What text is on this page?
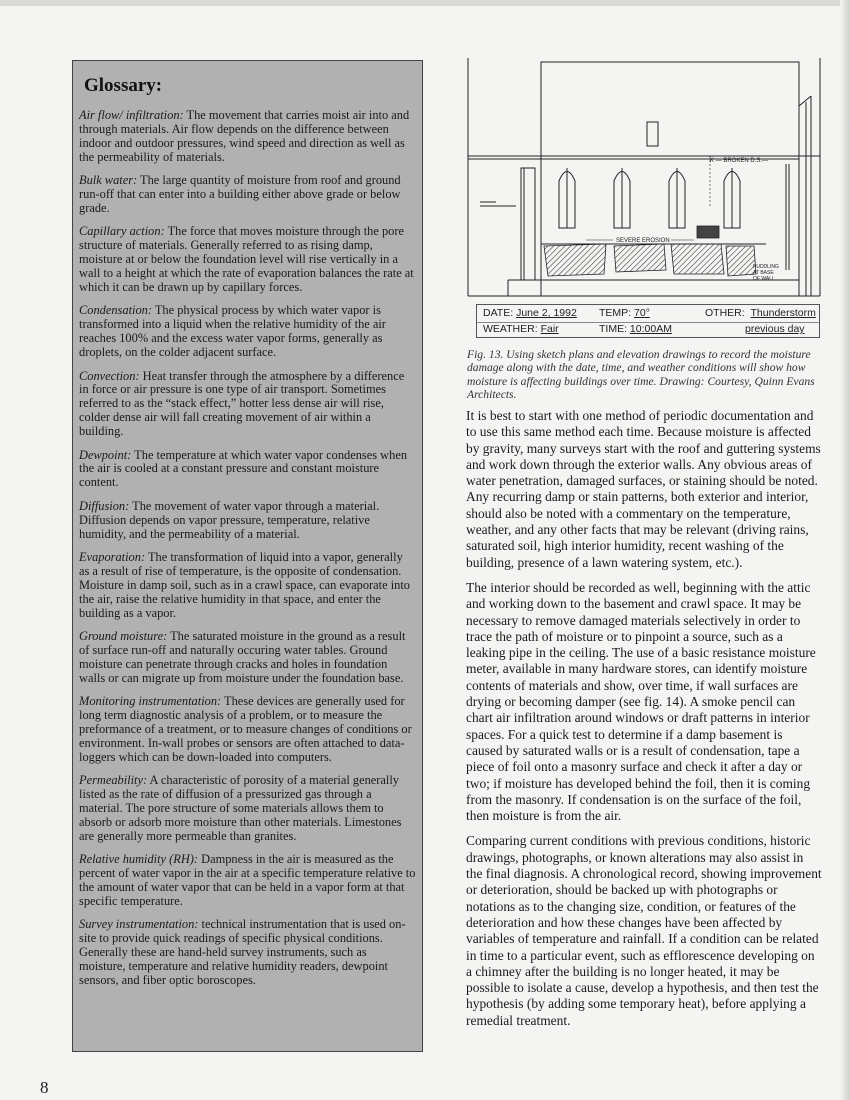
Glossary:

Air flow/ infiltration: The movement that carries moist air into and through materials. Air flow depends on the difference between indoor and outdoor pressures, wind speed and direction as well as the permeability of materials.

Bulk water: The large quantity of moisture from roof and ground run-off that can enter into a building either above grade or below grade.

Capillary action: The force that moves moisture through the pore structure of materials. Generally referred to as rising damp, moisture at or below the foundation level will rise vertically in a wall to a height at which the rate of evaporation balances the rate at which it can be drawn up by capillary forces.

Condensation: The physical process by which water vapor is transformed into a liquid when the relative humidity of the air reaches 100% and the excess water vapor forms, generally as droplets, on the colder adjacent surface.

Convection: Heat transfer through the atmosphere by a difference in force or air pressure is one type of air transport. Sometimes referred to as the “stack effect,” hotter less dense air will rise, colder dense air will fall creating movement of air within a building.

Dewpoint: The temperature at which water vapor condenses when the air is cooled at a constant pressure and constant moisture content.

Diffusion: The movement of water vapor through a material. Diffusion depends on vapor pressure, temperature, relative humidity, and the permeability of a material.

Evaporation: The transformation of liquid into a vapor, generally as a result of rise of temperature, is the opposite of condensation. Moisture in damp soil, such as in a crawl space, can evaporate into the air, raise the relative humidity in that space, and enter the building as a vapor.

Ground moisture: The saturated moisture in the ground as a result of surface run-off and naturally occuring water tables. Ground moisture can penetrate through cracks and holes in foundation walls or can migrate up from moisture under the foundation base.

Monitoring instrumentation: These devices are generally used for long term diagnostic analysis of a problem, or to measure the preformance of a treatment, or to measure changes of conditions or environment. In-wall probes or sensors are often attached to data-loggers which can be down-loaded into computers.

Permeability: A characteristic of porosity of a material generally listed as the rate of diffusion of a pressurized gas through a material. The pore structure of some materials allows them to absorb or adsorb more moisture than other materials. Limestones are generally more permeable than granites.

Relative humidity (RH): Dampness in the air is measured as the percent of water vapor in the air at a specific temperature relative to the amount of water vapor that can be held in a vapor form at that specific temperature.

Survey instrumentation: technical instrumentation that is used on-site to provide quick readings of specific physical conditions. Generally these are hand-held survey instruments, such as moisture, temperature and relative humidity readers, dewpoint sensors, and fiber optic boroscopes.

K — BROKEN D.S.—
SEVERE EROSION
PUDDLING
AT BASE
OF WALL
DATE: June 2, 1992 TEMP: 70°	OTHER: Thunderstorm
WEATHER: Fair	TIME: 10:00AM	previous day
Fig. 13. Using sketch plans and elevation drawings to record the moisture damage along with the date, time, and weather conditions will show how moisture is affecting buildings over time. Drawing: Courtesy, Quinn Evans Architects.

It is best to start with one method of periodic documentation and to use this same method each time. Because moisture is affected by gravity, many surveys start with the roof and guttering systems and work down through the exterior walls. Any obvious areas of water penetration, damaged surfaces, or staining should be noted. Any recurring damp or stain patterns, both exterior and interior, should also be noted with a commentary on the temperature, weather, and any other facts that may be relevant (driving rains, saturated soil, high interior humidity, recent washing of the building, presence of a lawn watering system, etc.).

The interior should be recorded as well, beginning with the attic and working down to the basement and crawl space. It may be necessary to remove damaged materials selectively in order to trace the path of moisture or to pinpoint a source, such as a leaking pipe in the ceiling. The use of a basic resistance moisture meter, available in many hardware stores, can identify moisture contents of materials and show, over time, if wall surfaces are drying or becoming damper (see fig. 14). A smoke pencil can chart air infiltration around windows or draft patterns in interior spaces. For a quick test to determine if a damp basement is caused by saturated walls or is a result of condensation, tape a piece of foil onto a masonry surface and check it after a day or two; if moisture has developed behind the foil, then it is coming from the masonry. If condensation is on the surface of the foil, then moisture is from the air.

Comparing current conditions with previous conditions, historic drawings, photographs, or known alterations may also assist in the final diagnosis. A chronological record, showing improvement or deterioration, should be backed up with photographs or notations as to the changing size, condition, or features of the deterioration and how these changes have been affected by variables of temperature and rainfall. If a condition can be related in time to a particular event, such as efflorescence developing on a chimney after the building is no longer heated, it may be possible to isolate a cause, develop a hypothesis, and then test the hypothesis (by adding some temporary heat), before applying a remedial treatment.

8
